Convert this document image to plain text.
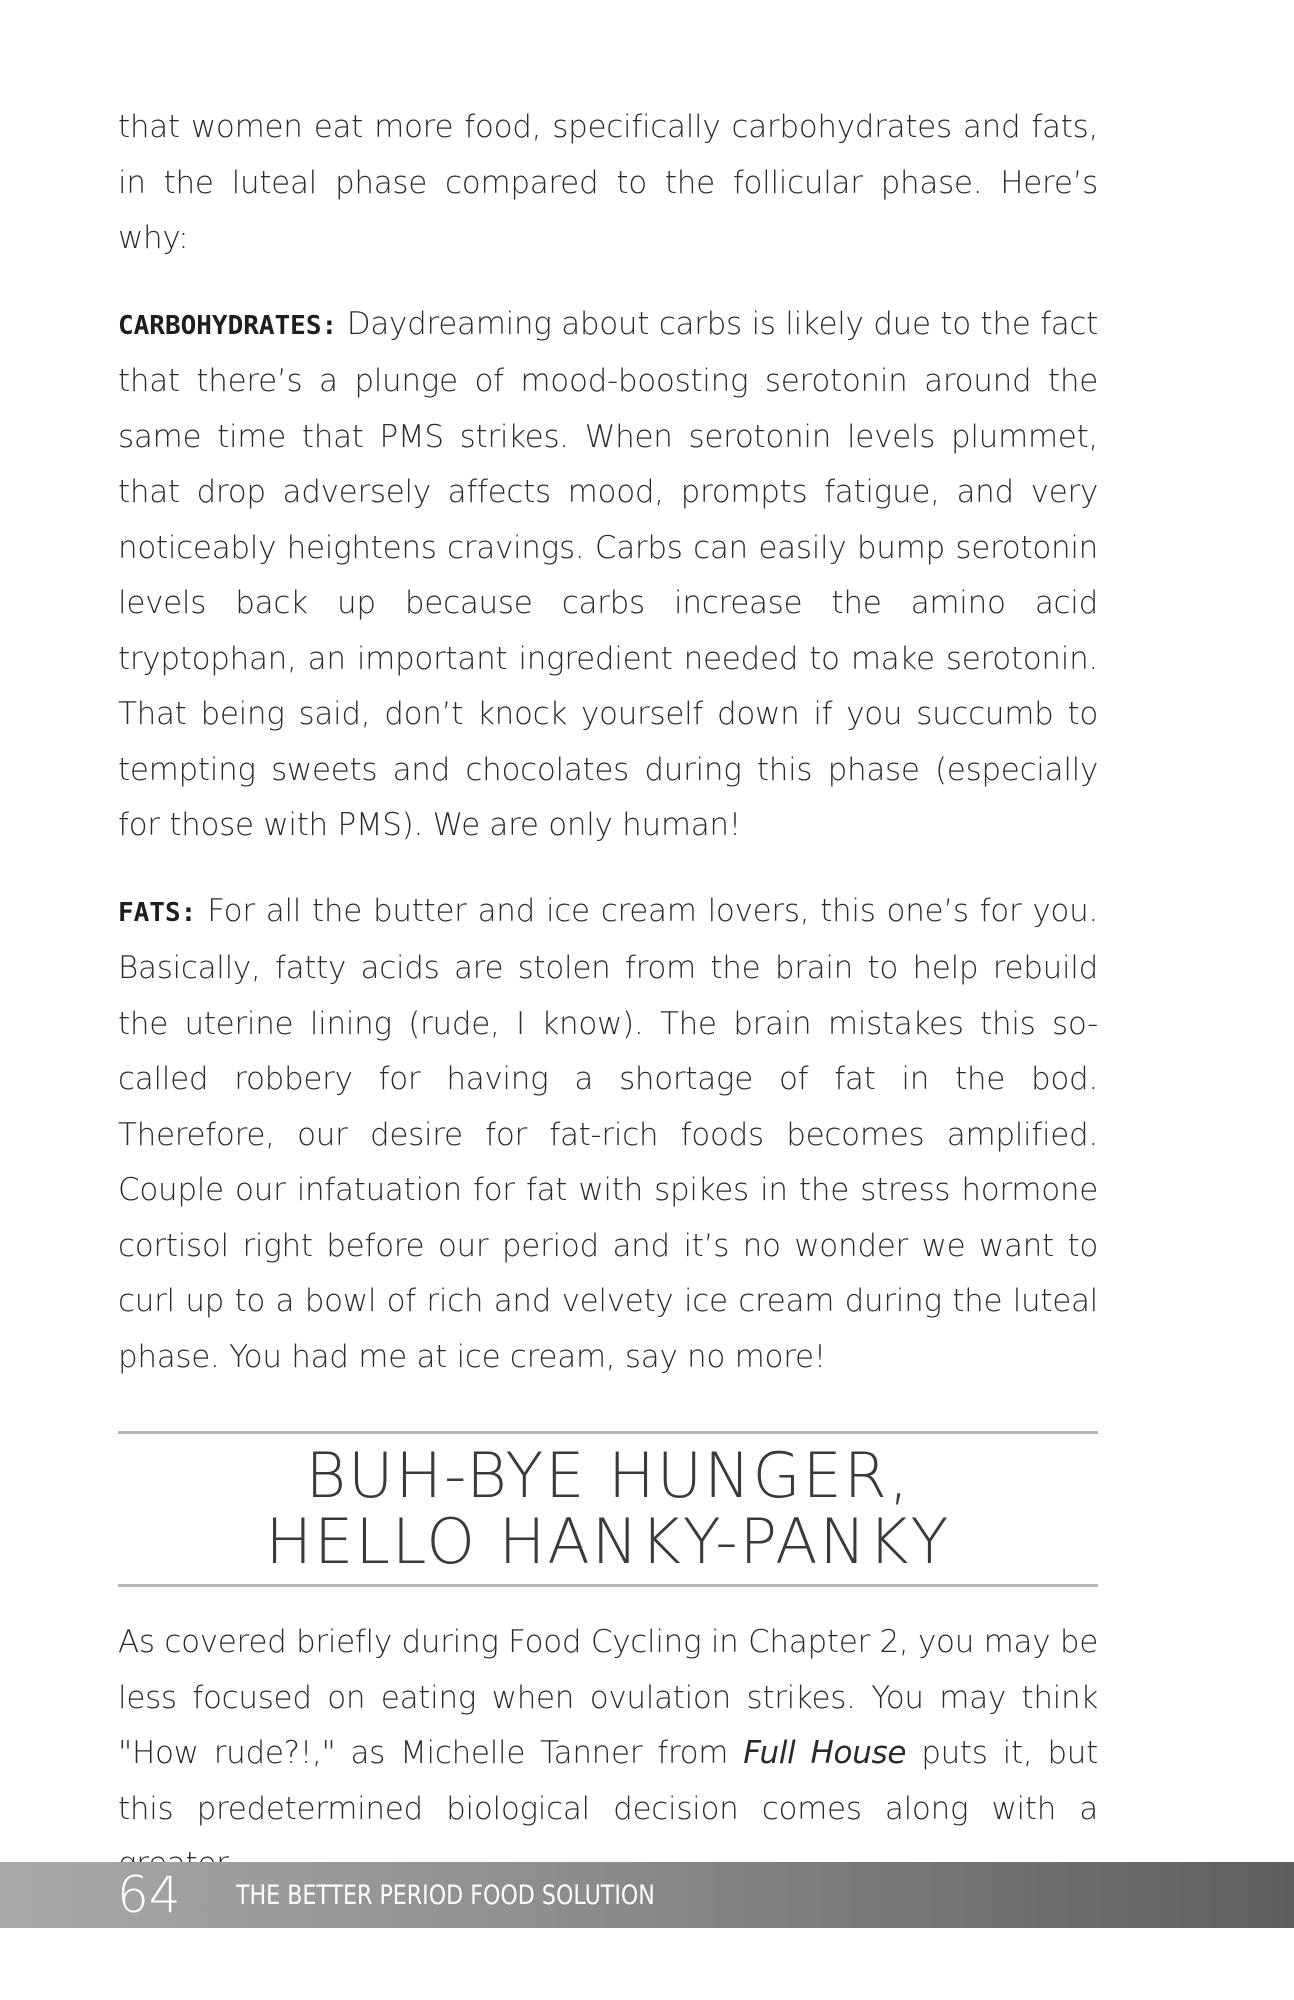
that women eat more food, specifically carbohydrates and fats, in the luteal phase compared to the follicular phase. Here’s why:

CARBOHYDRATES: Daydreaming about carbs is likely due to the fact that there’s a plunge of mood-boosting serotonin around the same time that PMS strikes. When serotonin levels plummet, that drop adversely affects mood, prompts fatigue, and very noticeably heightens cravings. Carbs can easily bump serotonin levels back up because carbs increase the amino acid tryptophan, an important ingredient needed to make serotonin. That being said, don’t knock yourself down if you succumb to tempting sweets and chocolates during this phase (especially for those with PMS). We are only human!

FATS: For all the butter and ice cream lovers, this one’s for you. Basically, fatty acids are stolen from the brain to help rebuild the uterine lining (rude, I know). The brain mistakes this so-called robbery for having a shortage of fat in the bod. Therefore, our desire for fat-rich foods becomes amplified. Couple our infatuation for fat with spikes in the stress hormone cortisol right before our period and it’s no wonder we want to curl up to a bowl of rich and velvety ice cream during the luteal phase. You had me at ice cream, say no more!

BUH-BYE HUNGER,
HELLO HANKY-PANKY

As covered briefly during Food Cycling in Chapter 2, you may be less focused on eating when ovulation strikes. You may think "How rude?!," as Michelle Tanner from Full House puts it, but this predetermined biological decision comes along with a

64 THE BETTER PERIOD FOOD SOLUTION
